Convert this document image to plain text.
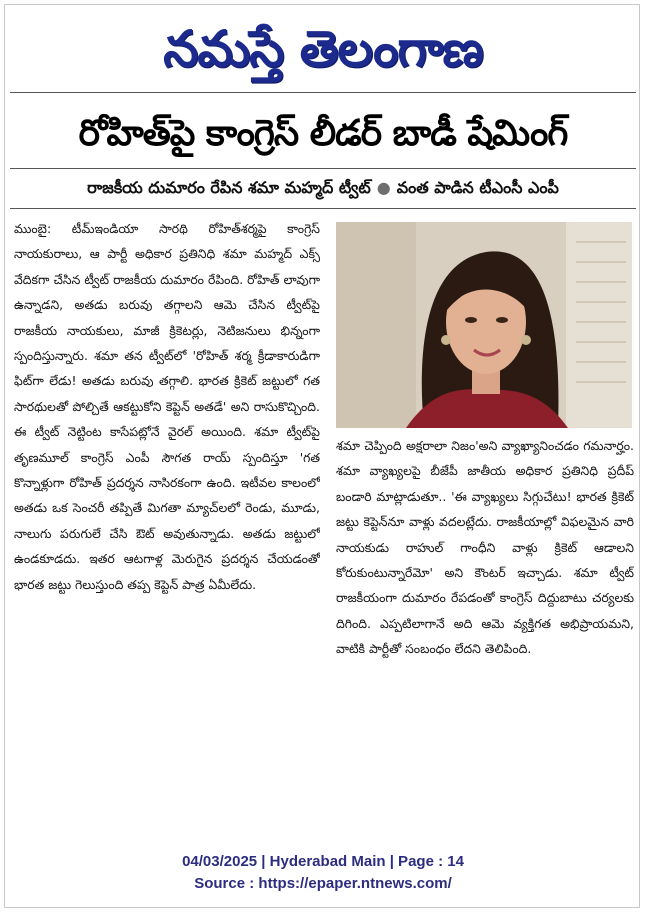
నమస్తే తెలంగాణ
రోహిత్‌పై కాంగ్రెస్ లీడర్ బాడీ షేమింగ్
రాజకీయ దుమారం రేపిన శమా మహ్మద్ ట్వీట్ ● వంత పాడిన టీఎంసీ ఎంపీ

ముంబై: టీమ్‌ఇండియా సారథి రోహిత్‌శర్మపై కాంగ్రెస్ నాయకురాలు, ఆ పార్టీ అధికార ప్రతినిధి శమా మహ్మద్ ఎక్స్ వేదికగా చేసిన ట్వీట్ రాజకీయ దుమారం రేపింది. రోహిత్ లావుగా ఉన్నాడని, అతడు బరువు తగ్గాలని ఆమె చేసిన ట్వీట్‌పై రాజకీయ నాయకులు, మాజీ క్రికెటర్లు, నెటిజనులు భిన్నంగా స్పందిస్తున్నారు. శమా తన ట్వీట్‌లో 'రోహిత్ శర్మ క్రీడాకారుడిగా ఫిట్‌గా లేడు! అతడు బరువు తగ్గాలి. భారత క్రికెట్ జట్టులో గత సారథులతో పోల్చితే ఆకట్టుకోని కెప్టెన్ అతడే' అని రాసుకొచ్చింది. ఈ ట్వీట్ నెట్టింట కాసేపట్లోనే వైరల్ అయింది. శమా ట్వీట్‌పై తృణమూల్ కాంగ్రెస్ ఎంపీ సౌగత రాయ్ స్పందిస్తూ 'గత కొన్నాళ్లుగా రోహిత్ ప్రదర్శన నాసిరకంగా ఉంది. ఇటీవల కాలంలో అతడు ఒక సెంచరీ తప్పితే మిగతా మ్యాచ్‌లలో రెండు, మూడు, నాలుగు పరుగులే చేసి ఔట్ అవుతున్నాడు. అతడు జట్టులో ఉండకూడదు. ఇతర ఆటగాళ్ల మెరుగైన ప్రదర్శన చేయడంతో భారత జట్టు గెలుస్తుంది తప్ప కెప్టెన్ పాత్ర ఏమీలేదు.

శమా చెప్పింది అక్షరాలా నిజం'అని వ్యాఖ్యానించడం గమనార్హం. శమా వ్యాఖ్యలపై బీజేపీ జాతీయ అధికార ప్రతినిధి ప్రదీప్ బండారి మాట్లాడుతూ.. 'ఈ వ్యాఖ్యలు సిగ్గుచేటు! భారత క్రికెట్ జట్టు కెప్టెన్‌నూ వాళ్లు వదలట్లేదు. రాజకీయాల్లో విఫలమైన వారి నాయకుడు రాహుల్ గాంధీని వాళ్లు క్రికెట్ ఆడాలని కోరుకుంటున్నారేమో' అని కౌంటర్ ఇచ్చాడు. శమా ట్వీట్ రాజకీయంగా దుమారం రేపడంతో కాంగ్రెస్ దిద్దుబాటు చర్యలకు దిగింది. ఎప్పటిలాగానే అది ఆమె వ్యక్తిగత అభిప్రాయమని, వాటికి పార్టీతో సంబంధం లేదని తెలిపింది.

04/03/2025 | Hyderabad Main | Page : 14
Source : https://epaper.ntnews.com/
